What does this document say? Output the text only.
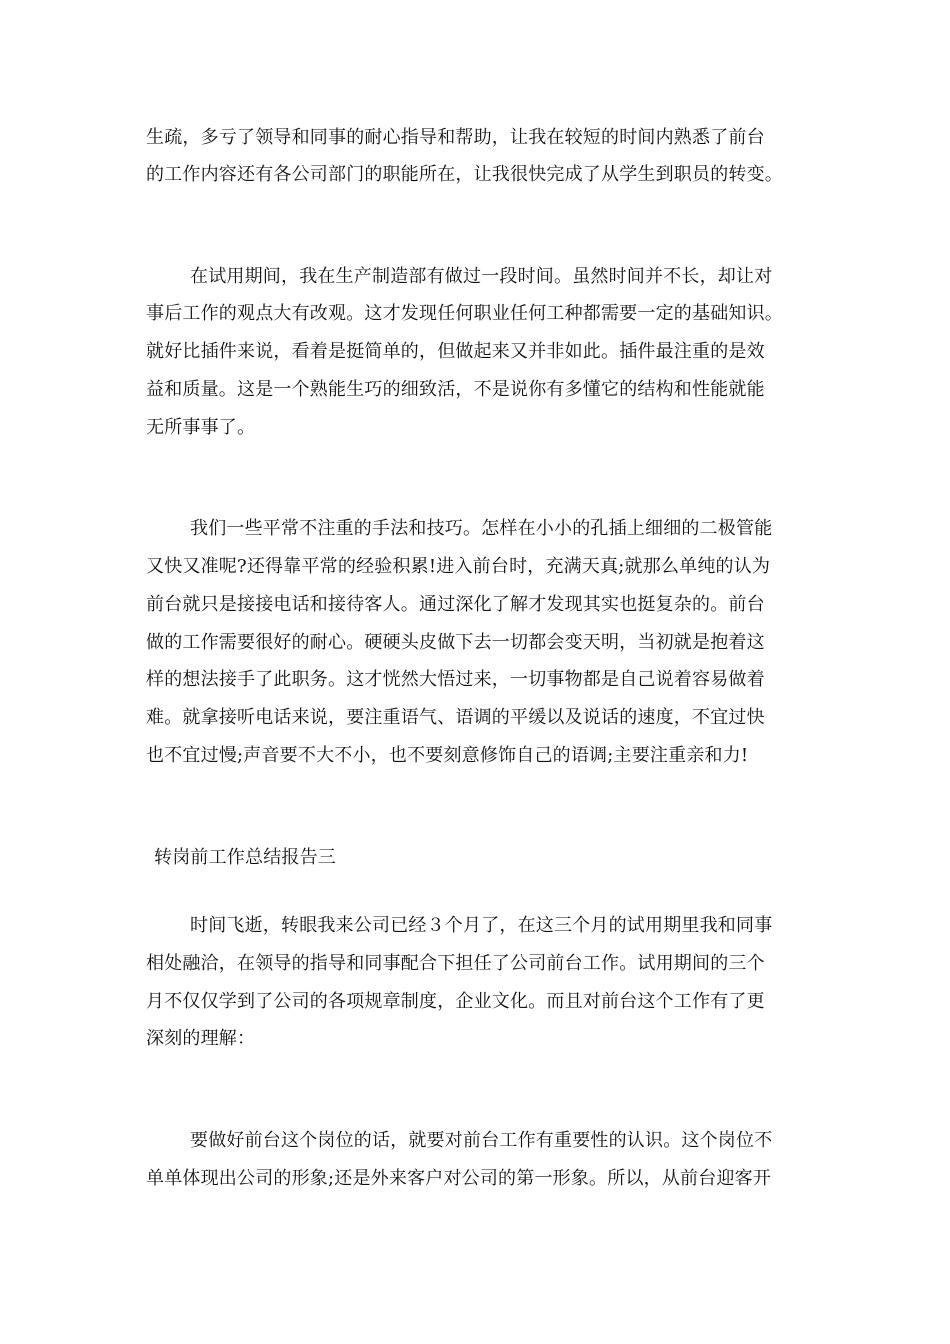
生疏，多亏了领导和同事的耐心指导和帮助，让我在较短的时间内熟悉了前台
的工作内容还有各公司部门的职能所在，让我很快完成了从学生到职员的转变。
在试用期间，我在生产制造部有做过一段时间。虽然时间并不长，却让对
事后工作的观点大有改观。这才发现任何职业任何工种都需要一定的基础知识。
就好比插件来说，看着是挺简单的，但做起来又并非如此。插件最注重的是效
益和质量。这是一个熟能生巧的细致活，不是说你有多懂它的结构和性能就能
无所事事了。
我们一些平常不注重的手法和技巧。怎样在小小的孔插上细细的二极管能
又快又准呢?还得靠平常的经验积累!进入前台时，充满天真;就那么单纯的认为
前台就只是接接电话和接待客人。通过深化了解才发现其实也挺复杂的。前台
做的工作需要很好的耐心。硬硬头皮做下去一切都会变天明，当初就是抱着这
样的想法接手了此职务。这才恍然大悟过来，一切事物都是自己说着容易做着
难。就拿接听电话来说，要注重语气、语调的平缓以及说话的速度，不宜过快
也不宜过慢;声音要不大不小，也不要刻意修饰自己的语调;主要注重亲和力!
转岗前工作总结报告三
时间飞逝，转眼我来公司已经３个月了，在这三个月的试用期里我和同事
相处融洽，在领导的指导和同事配合下担任了公司前台工作。试用期间的三个
月不仅仅学到了公司的各项规章制度，企业文化。而且对前台这个工作有了更
深刻的理解：
要做好前台这个岗位的话，就要对前台工作有重要性的认识。这个岗位不
单单体现出公司的形象;还是外来客户对公司的第一形象。所以，从前台迎客开
